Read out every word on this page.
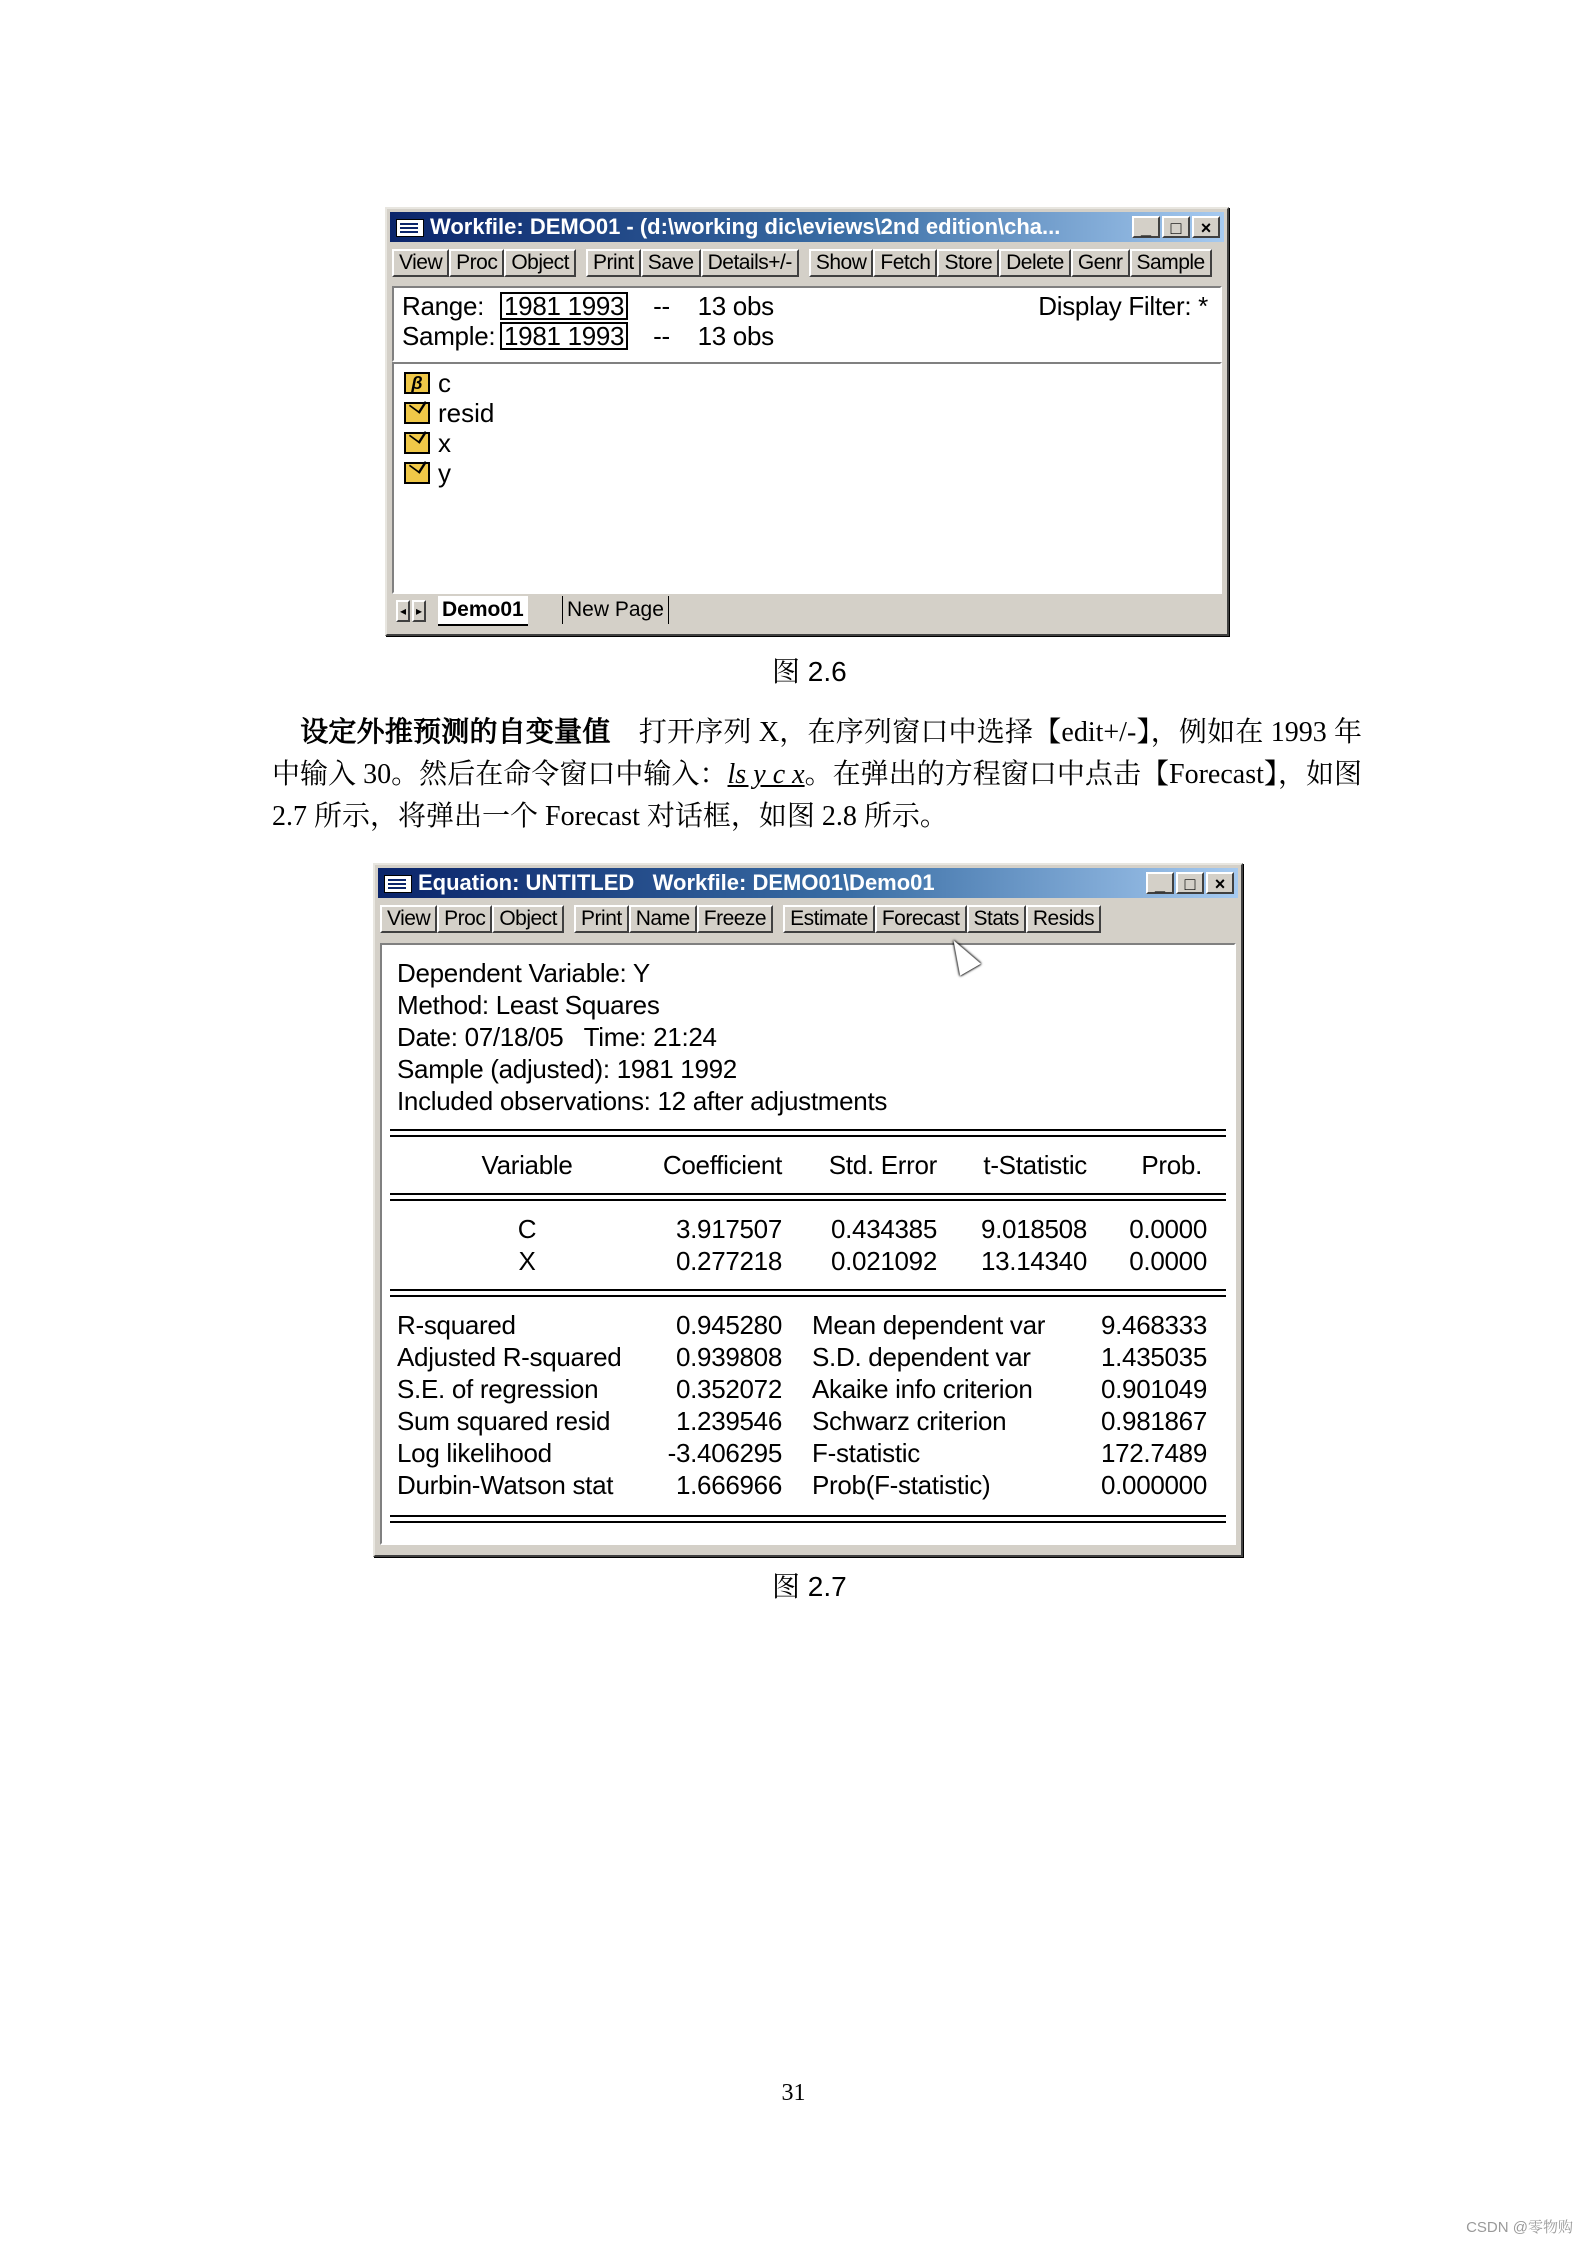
Workfile: DEMO01 - (d:\working dic\eviews\2nd edition\cha...	_	□	×
View Proc Object	Print Save Details+/-	Show Fetch Store Delete Genr Sample
Range: 1981 1993 --    13 obs
Sample: 1981 1993 --    13 obs
Display Filter: *
β c
resid
x
y
◂ ▸ Demo01 New Page
图 2.6
设定外推预测的自变量值 打开序列 X，在序列窗口中选择【edit+/-】，例如在 1993 年中输入 30。然后在命令窗口中输入：ls y c x。在弹出的方程窗口中点击【Forecast】，如图 2.7 所示，将弹出一个 Forecast 对话框，如图 2.8 所示。
Equation: UNTITLED   Workfile: DEMO01\Demo01	_	□	×
View Proc Object	Print Name Freeze	Estimate Forecast Stats Resids
Dependent Variable: Y
Method: Least Squares
Date: 07/18/05   Time: 21:24
Sample (adjusted): 1981 1992
Included observations: 12 after adjustments
Variable	Coefficient	Std. Error	t-Statistic	Prob.
C	3.917507	0.434385	9.018508	0.0000
X	0.277218	0.021092	13.14340	0.0000
R-squared	0.945280 Mean dependent var	9.468333
Adjusted R-squared	0.939808 S.D. dependent var	1.435035
S.E. of regression	0.352072 Akaike info criterion	0.901049
Sum squared resid	1.239546 Schwarz criterion	0.981867
Log likelihood	-3.406295 F-statistic	172.7489
Durbin-Watson stat	1.666966 Prob(F-statistic)	0.000000
图 2.7
31
CSDN @零物购
